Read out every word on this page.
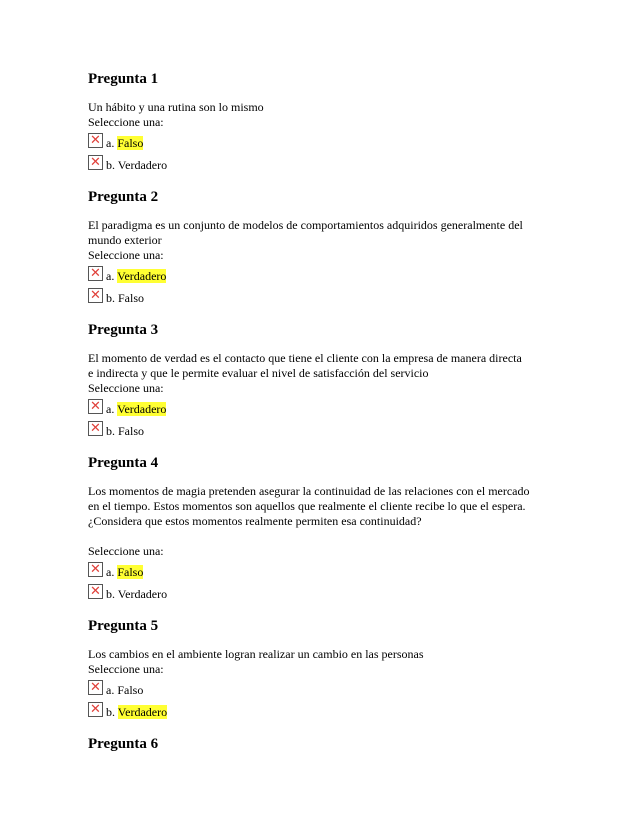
Pregunta 1

Un hábito y una rutina son lo mismo

Seleccione una:

✕ a. Falso
✕ b. Verdadero

Pregunta 2

El paradigma es un conjunto de modelos de comportamientos adquiridos generalmente del

mundo exterior

Seleccione una:

✕ a. Verdadero
✕ b. Falso

Pregunta 3

El momento de verdad es el contacto que tiene el cliente con la empresa de manera directa

e indirecta y que le permite evaluar el nivel de satisfacción del servicio

Seleccione una:

✕ a. Verdadero
✕ b. Falso

Pregunta 4

Los momentos de magia pretenden asegurar la continuidad de las relaciones con el mercado

en el tiempo. Estos momentos son aquellos que realmente el cliente recibe lo que el espera.

¿Considera que estos momentos realmente permiten esa continuidad?

Seleccione una:

✕ a. Falso
✕ b. Verdadero

Pregunta 5

Los cambios en el ambiente logran realizar un cambio en las personas

Seleccione una:

✕ a. Falso
✕ b. Verdadero

Pregunta 6
